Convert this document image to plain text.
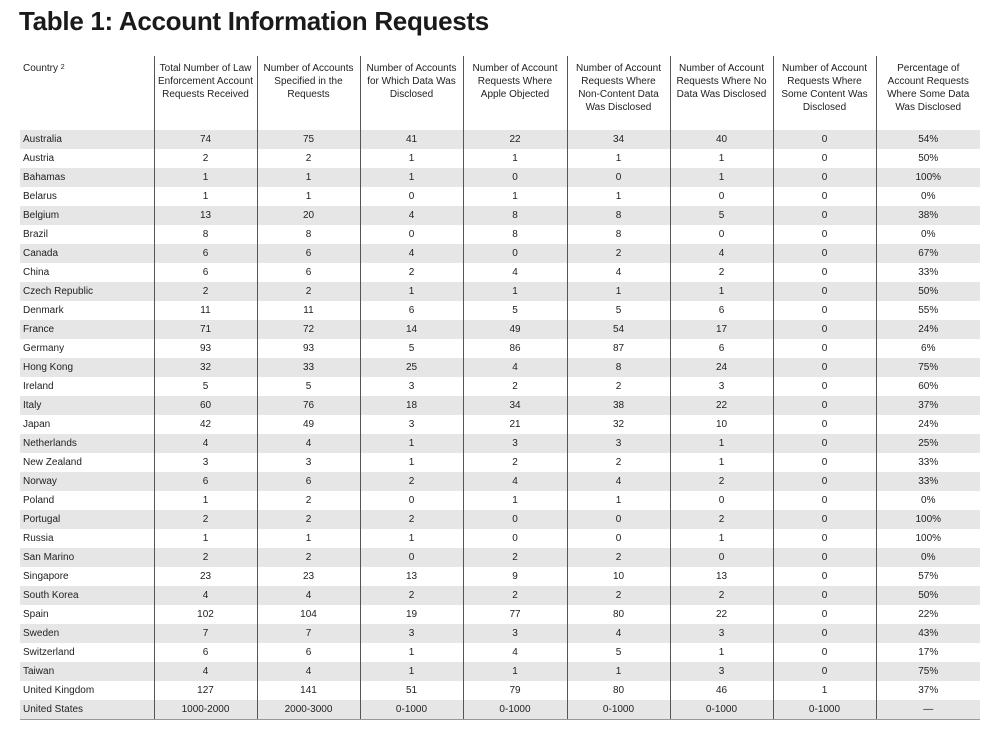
Table 1: Account Information Requests
Country $^2$	Total Number of Law Enforcement Account Requests Received	Number of Accounts Specified in the Requests	Number of Accounts for Which Data Was Disclosed	Number of Account Requests Where Apple Objected	Number of Account Requests Where Non-Content Data Was Disclosed	Number of Account Requests Where No Data Was Disclosed	Number of Account Requests Where Some Content Was Disclosed	Percentage of Account Requests Where Some Data Was Disclosed
Australia	74	75	41	22	34	40	0	54%
Austria	2	2	1	1	1	1	0	50%
Bahamas	1	1	1	0	0	1	0	100%
Belarus	1	1	0	1	1	0	0	0%
Belgium	13	20	4	8	8	5	0	38%
Brazil	8	8	0	8	8	0	0	0%
Canada	6	6	4	0	2	4	0	67%
China	6	6	2	4	4	2	0	33%
Czech Republic	2	2	1	1	1	1	0	50%
Denmark	11	11	6	5	5	6	0	55%
France	71	72	14	49	54	17	0	24%
Germany	93	93	5	86	87	6	0	6%
Hong Kong	32	33	25	4	8	24	0	75%
Ireland	5	5	3	2	2	3	0	60%
Italy	60	76	18	34	38	22	0	37%
Japan	42	49	3	21	32	10	0	24%
Netherlands	4	4	1	3	3	1	0	25%
New Zealand	3	3	1	2	2	1	0	33%
Norway	6	6	2	4	4	2	0	33%
Poland	1	2	0	1	1	0	0	0%
Portugal	2	2	2	0	0	2	0	100%
Russia	1	1	1	0	0	1	0	100%
San Marino	2	2	0	2	2	0	0	0%
Singapore	23	23	13	9	10	13	0	57%
South Korea	4	4	2	2	2	2	0	50%
Spain	102	104	19	77	80	22	0	22%
Sweden	7	7	3	3	4	3	0	43%
Switzerland	6	6	1	4	5	1	0	17%
Taiwan	4	4	1	1	1	3	0	75%
United Kingdom	127	141	51	79	80	46	1	37%
United States	1000-2000	2000-3000	0-1000	0-1000	0-1000	0-1000	0-1000	—
